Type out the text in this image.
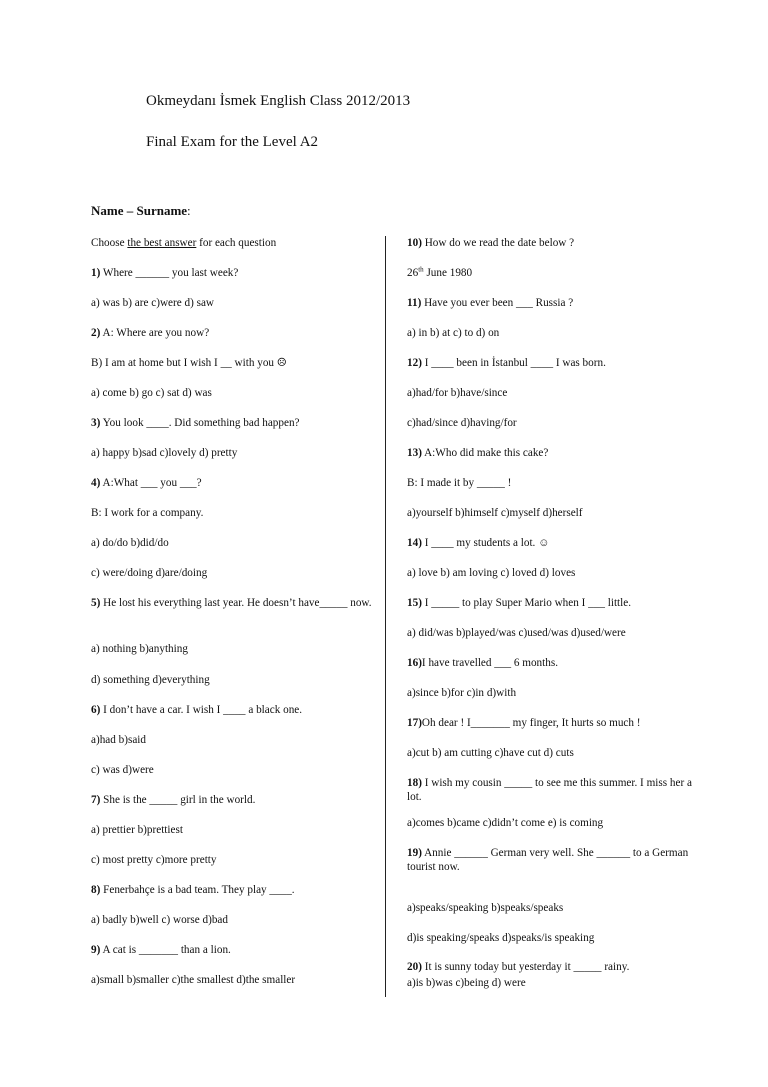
Okmeydanı İsmek English Class 2012/2013
Final Exam for the Level A2
Name – Surname:
Choose the best answer for each question
1) Where ______ you last week?
a) was b) are c)were d) saw
2) A: Where are you now?
B) I am at home but I wish I __ with you ☹
a) come b) go c) sat d) was
3) You look ____. Did something bad happen?
a) happy b)sad c)lovely d) pretty
4) A:What ___ you ___?
B: I work for a company.
a) do/do b)did/do
c) were/doing d)are/doing
5) He lost his everything last year. He doesn’t have_____ now.
a) nothing b)anything
d) something d)everything
6) I don’t have a car. I wish I ____ a black one.
a)had b)said
c) was d)were
7) She is the _____ girl in the world.
a) prettier b)prettiest
c) most pretty c)more pretty
8) Fenerbahçe is a bad team. They play ____.
a) badly b)well c) worse d)bad
9) A cat is _______ than a lion.
a)small b)smaller c)the smallest d)the smaller
10) How do we read the date below ?
26th June 1980
11) Have you ever been ___ Russia ?
a) in b) at c) to d) on
12) I ____ been in İstanbul ____ I was born.
a)had/for b)have/since
c)had/since d)having/for
13) A:Who did make this cake?
B: I made it by _____ !
a)yourself b)himself c)myself d)herself
14) I ____ my students a lot. ☺
a) love b) am loving c) loved d) loves
15) I _____ to play Super Mario when I ___ little.
a) did/was b)played/was c)used/was d)used/were
16)I have travelled ___ 6 months.
a)since b)for c)in d)with
17)Oh dear ! I_______ my finger, It hurts so much !
a)cut b) am cutting c)have cut d) cuts
18) I wish my cousin _____ to see me this summer. I miss her a lot.
a)comes b)came c)didn’t come e) is coming
19) Annie ______ German very well. She ______ to a German tourist now.
a)speaks/speaking b)speaks/speaks
d)is speaking/speaks d)speaks/is speaking
20) It is sunny today but yesterday it _____ rainy.
a)is b)was c)being d) were
